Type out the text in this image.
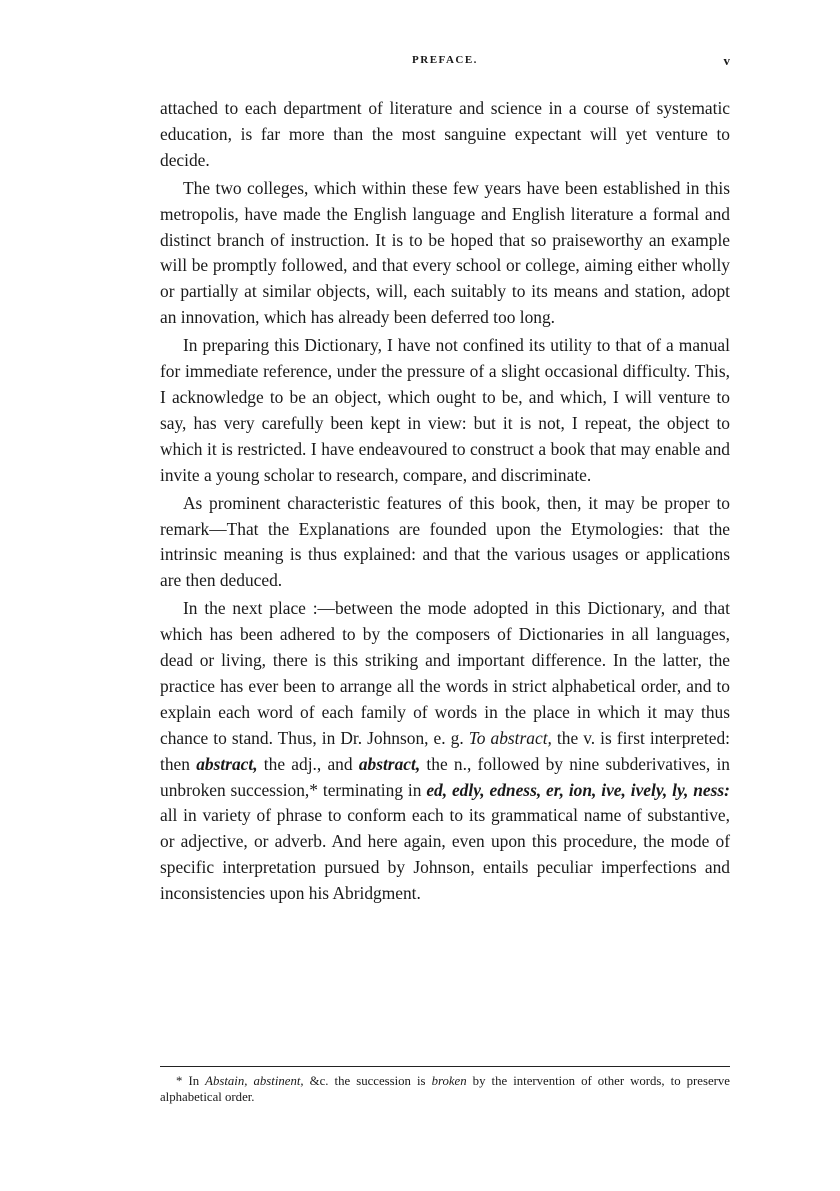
PREFACE.	v

attached to each department of literature and science in a course of systematic education, is far more than the most sanguine expectant will yet venture to decide.

The two colleges, which within these few years have been established in this metropolis, have made the English language and English literature a formal and distinct branch of instruction. It is to be hoped that so praiseworthy an example will be promptly followed, and that every school or college, aiming either wholly or partially at similar objects, will, each suitably to its means and station, adopt an innovation, which has already been deferred too long.

In preparing this Dictionary, I have not confined its utility to that of a manual for immediate reference, under the pressure of a slight occasional difficulty. This, I acknowledge to be an object, which ought to be, and which, I will venture to say, has very carefully been kept in view: but it is not, I repeat, the object to which it is restricted. I have endeavoured to construct a book that may enable and invite a young scholar to research, compare, and discriminate.

As prominent characteristic features of this book, then, it may be proper to remark—That the Explanations are founded upon the Etymologies: that the intrinsic meaning is thus explained: and that the various usages or applications are then deduced.

In the next place :—between the mode adopted in this Dictionary, and that which has been adhered to by the composers of Dictionaries in all languages, dead or living, there is this striking and important difference. In the latter, the practice has ever been to arrange all the words in strict alphabetical order, and to explain each word of each family of words in the place in which it may thus chance to stand. Thus, in Dr. Johnson, e. g. To abstract, the v. is first interpreted: then abstract, the adj., and abstract, the n., followed by nine subderivatives, in unbroken succession,* terminating in ed, edly, edness, er, ion, ive, ively, ly, ness: all in variety of phrase to conform each to its grammatical name of substantive, or adjective, or adverb. And here again, even upon this procedure, the mode of specific interpretation pursued by Johnson, entails peculiar imperfections and inconsistencies upon his Abridgment.

* In Abstain, abstinent, &c. the succession is broken by the intervention of other words, to preserve alphabetical order.
